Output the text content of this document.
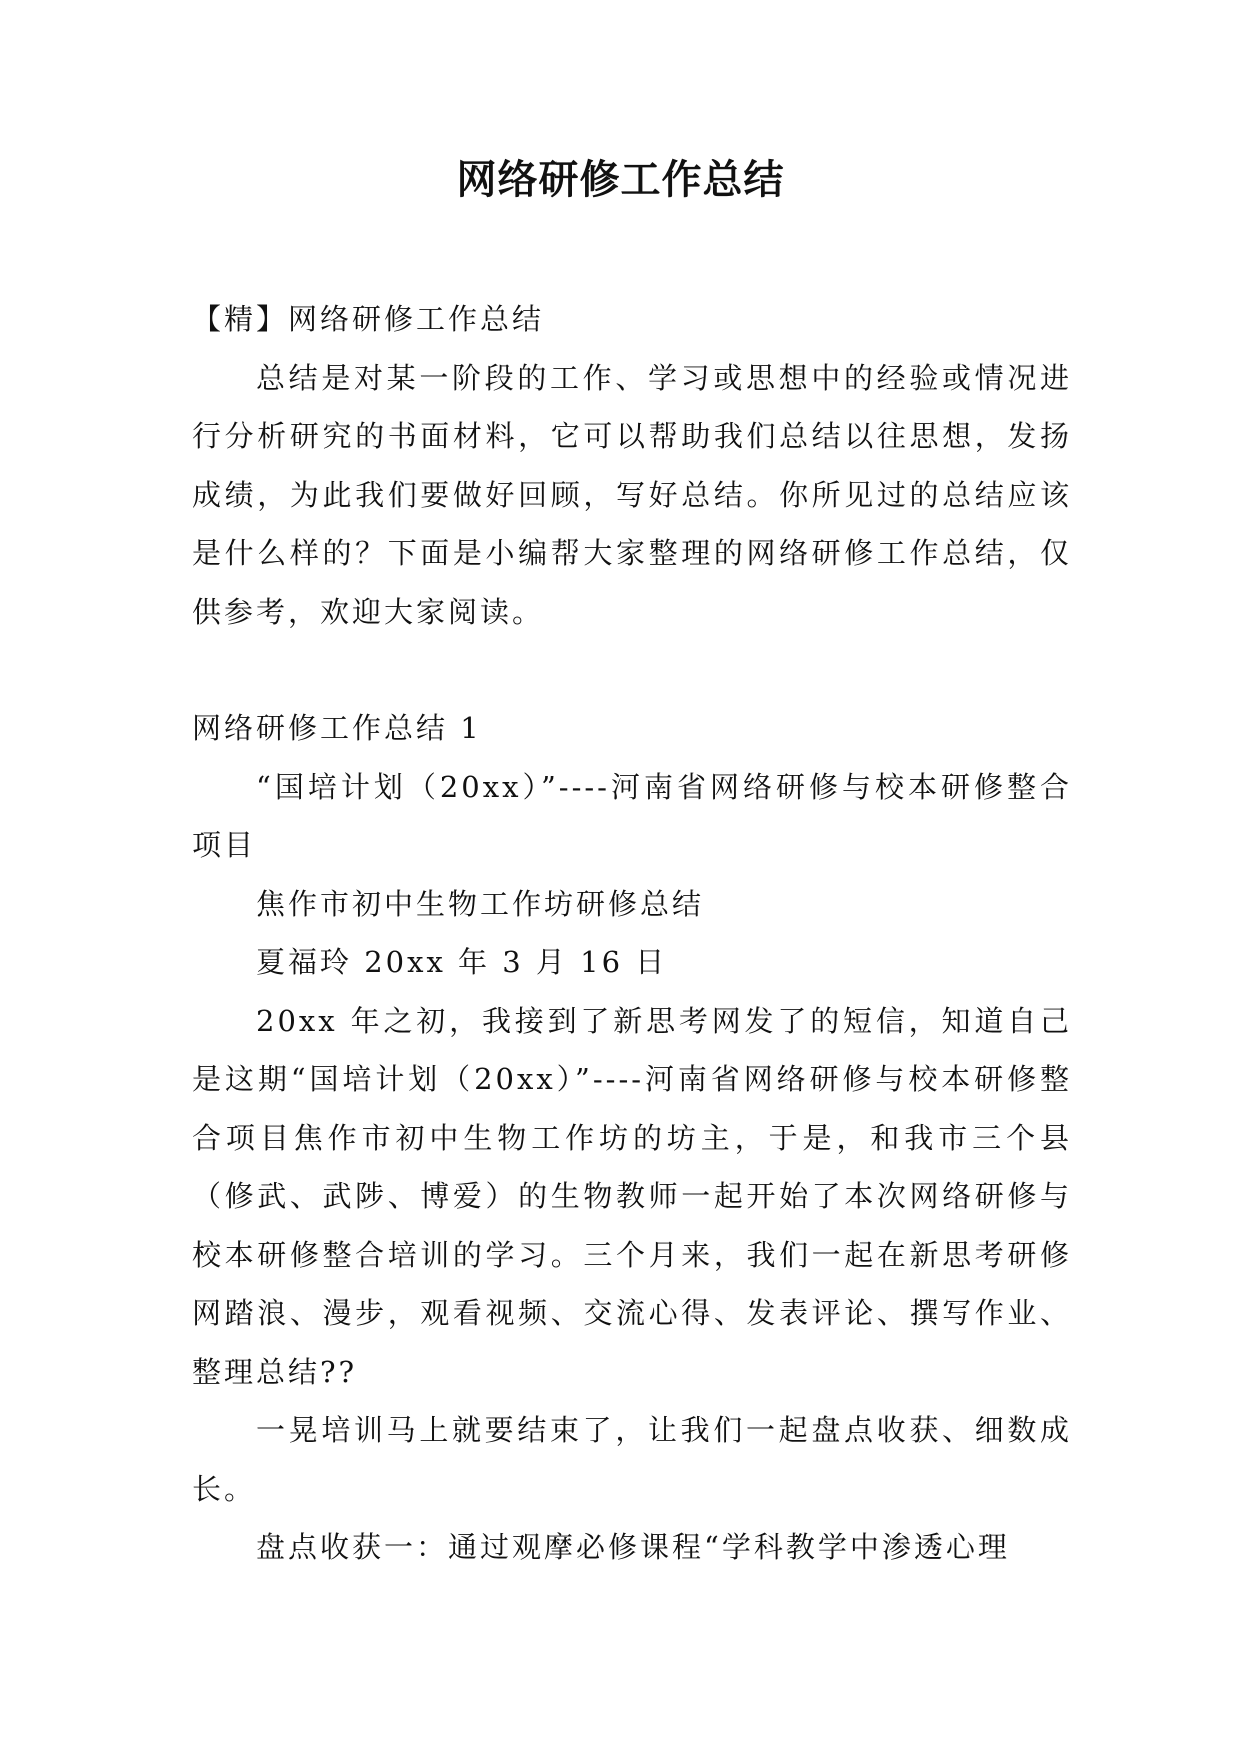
网络研修工作总结

【精】网络研修工作总结

总结是对某一阶段的工作、学习或思想中的经验或情况进行分析研究的书面材料，它可以帮助我们总结以往思想，发扬成绩，为此我们要做好回顾，写好总结。你所见过的总结应该是什么样的？下面是小编帮大家整理的网络研修工作总结，仅供参考，欢迎大家阅读。

网络研修工作总结 1

“国培计划（20xx）”----河南省网络研修与校本研修整合项目

焦作市初中生物工作坊研修总结

夏福玲 20xx 年 3 月 16 日

20xx 年之初，我接到了新思考网发了的短信，知道自己是这期“国培计划（20xx）”----河南省网络研修与校本研修整合项目焦作市初中生物工作坊的坊主，于是，和我市三个县（修武、武陟、博爱）的生物教师一起开始了本次网络研修与校本研修整合培训的学习。三个月来，我们一起在新思考研修网踏浪、漫步，观看视频、交流心得、发表评论、撰写作业、整理总结??

一晃培训马上就要结束了，让我们一起盘点收获、细数成长。

盘点收获一：通过观摩必修课程“学科教学中渗透心理
